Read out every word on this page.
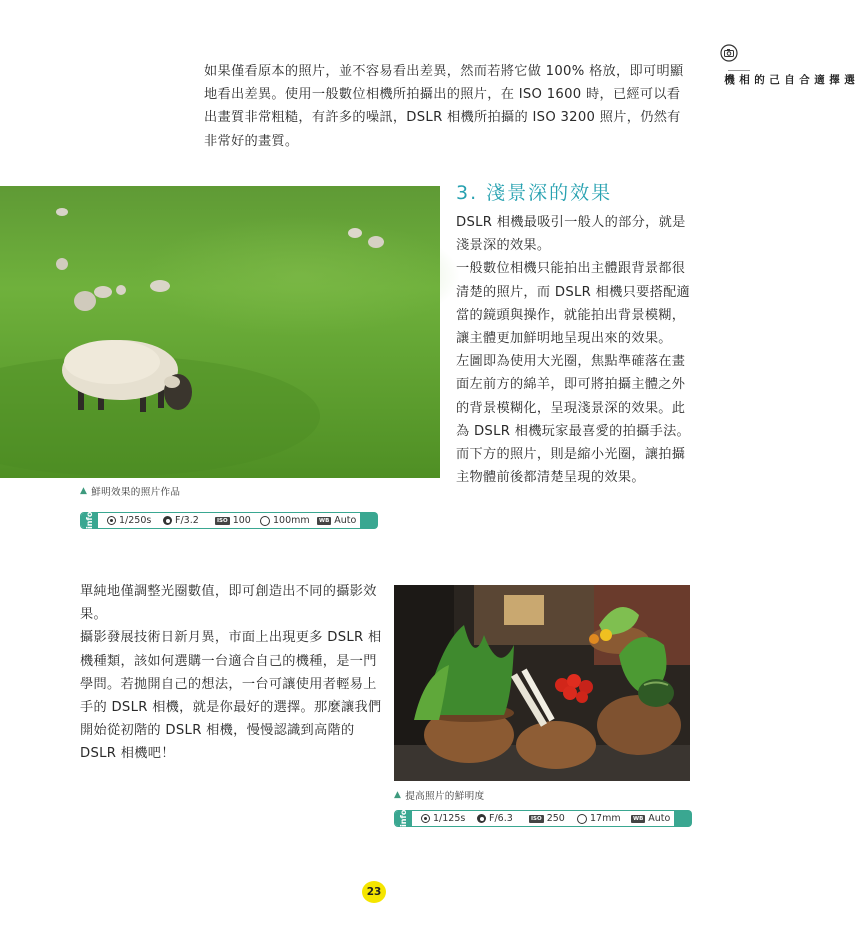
選擇適合自己的相機
如果僅看原本的照片，並不容易看出差異，然而若將它做 100% 格放，即可明顯地看出差異。使用一般數位相機所拍攝出的照片，在 ISO 1600 時，已經可以看出畫質非常粗糙，有許多的噪訊，DSLR 相機所拍攝的 ISO 3200 照片，仍然有非常好的畫質。
▲ 鮮明效果的照片作品
info	1/250s F/3.2	ISO 100 100mm	WB Auto
3. 淺景深的效果

DSLR 相機最吸引一般人的部分，就是淺景深的效果。

一般數位相機只能拍出主體跟背景都很清楚的照片，而 DSLR 相機只要搭配適當的鏡頭與操作，就能拍出背景模糊，讓主體更加鮮明地呈現出來的效果。

左圖即為使用大光圈，焦點準確落在畫面左前方的綿羊，即可將拍攝主體之外的背景模糊化，呈現淺景深的效果。此為 DSLR 相機玩家最喜愛的拍攝手法。而下方的照片，則是縮小光圈，讓拍攝主物體前後都清楚呈現的效果。

單純地僅調整光圈數值，即可創造出不同的攝影效果。

攝影發展技術日新月異，市面上出現更多 DSLR 相機種類，該如何選購一台適合自己的機種，是一門學問。若拋開自己的想法，一台可讓使用者輕易上手的 DSLR 相機，就是你最好的選擇。那麼讓我們開始從初階的 DSLR 相機，慢慢認識到高階的 DSLR 相機吧！

▲ 提高照片的鮮明度
info	1/125s F/6.3	ISO 250	17mm	WB Auto
23
